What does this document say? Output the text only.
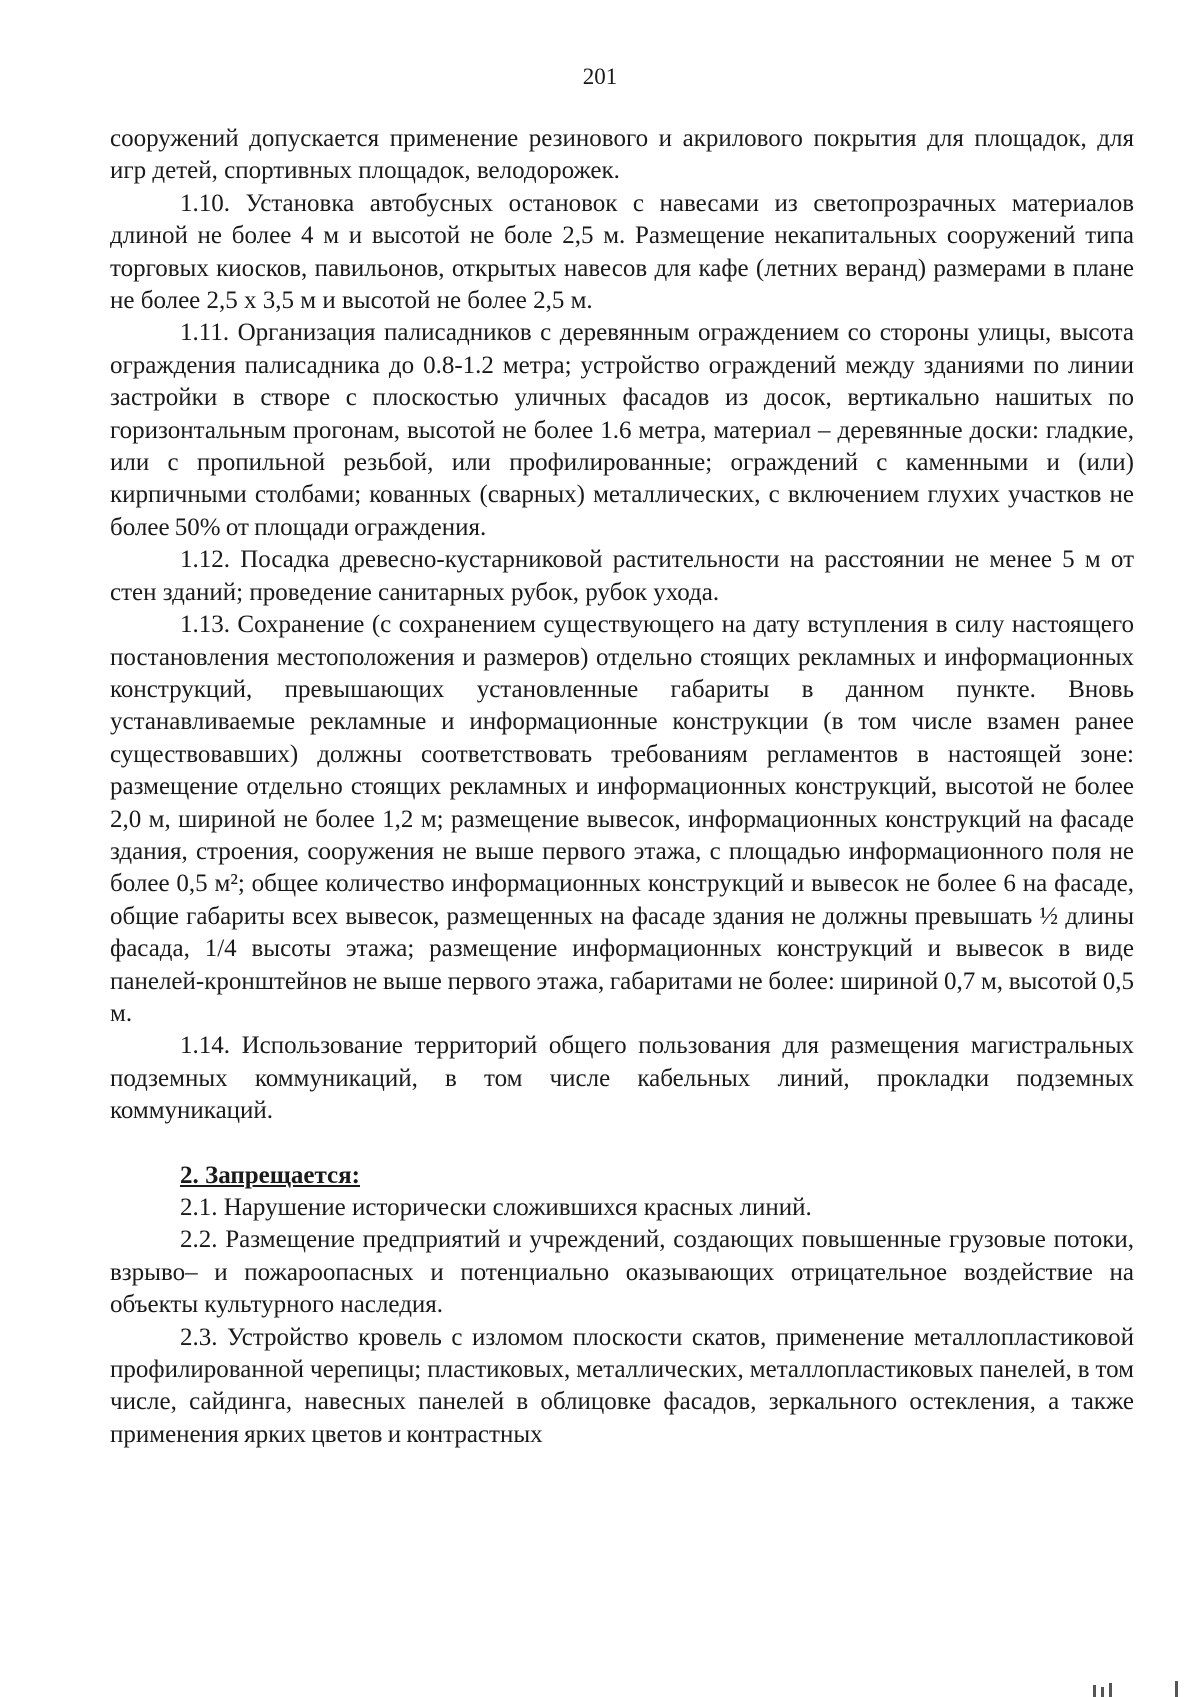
201

сооружений допускается применение резинового и акрилового покрытия для площадок, для игр детей, спортивных площадок, велодорожек.

1.10. Установка автобусных остановок с навесами из светопрозрачных материалов длиной не более 4 м и высотой не боле 2,5 м. Размещение некапитальных сооружений типа торговых киосков, павильонов, открытых навесов для кафе (летних веранд) размерами в плане не более 2,5 х 3,5 м и высотой не более 2,5 м.

1.11. Организация палисадников с деревянным ограждением со стороны улицы, высота ограждения палисадника до 0.8-1.2 метра; устройство ограждений между зданиями по линии застройки в створе с плоскостью уличных фасадов из досок, вертикально нашитых по горизонтальным прогонам, высотой не более 1.6 метра, материал – деревянные доски: гладкие, или с пропильной резьбой, или профилированные; ограждений с каменными и (или) кирпичными столбами; кованных (сварных) металлических, с включением глухих участков не более 50% от площади ограждения.

1.12. Посадка древесно-кустарниковой растительности на расстоянии не менее 5 м от стен зданий; проведение санитарных рубок, рубок ухода.

1.13. Сохранение (с сохранением существующего на дату вступления в силу настоящего постановления местоположения и размеров) отдельно стоящих рекламных и информационных конструкций, превышающих установленные габариты в данном пункте. Вновь устанавливаемые рекламные и информационные конструкции (в том числе взамен ранее существовавших) должны соответствовать требованиям регламентов в настоящей зоне: размещение отдельно стоящих рекламных и информационных конструкций, высотой не более 2,0 м, шириной не более 1,2 м; размещение вывесок, информационных конструкций на фасаде здания, строения, сооружения не выше первого этажа, с площадью информационного поля не более 0,5 м²; общее количество информационных конструкций и вывесок не более 6 на фасаде, общие габариты всех вывесок, размещенных на фасаде здания не должны превышать ½ длины фасада, 1/4 высоты этажа; размещение информационных конструкций и вывесок в виде панелей-кронштейнов не выше первого этажа, габаритами не более: шириной 0,7 м, высотой 0,5 м.

1.14. Использование территорий общего пользования для размещения магистральных подземных коммуникаций, в том числе кабельных линий, прокладки подземных коммуникаций.

2. Запрещается:

2.1. Нарушение исторически сложившихся красных линий.

2.2. Размещение предприятий и учреждений, создающих повышенные грузовые потоки, взрыво– и пожароопасных и потенциально оказывающих отрицательное воздействие на объекты культурного наследия.

2.3. Устройство кровель с изломом плоскости скатов, применение металлопластиковой профилированной черепицы; пластиковых, металлических, металлопластиковых панелей, в том числе, сайдинга, навесных панелей в облицовке фасадов, зеркального остекления, а также применения ярких цветов и контрастных
